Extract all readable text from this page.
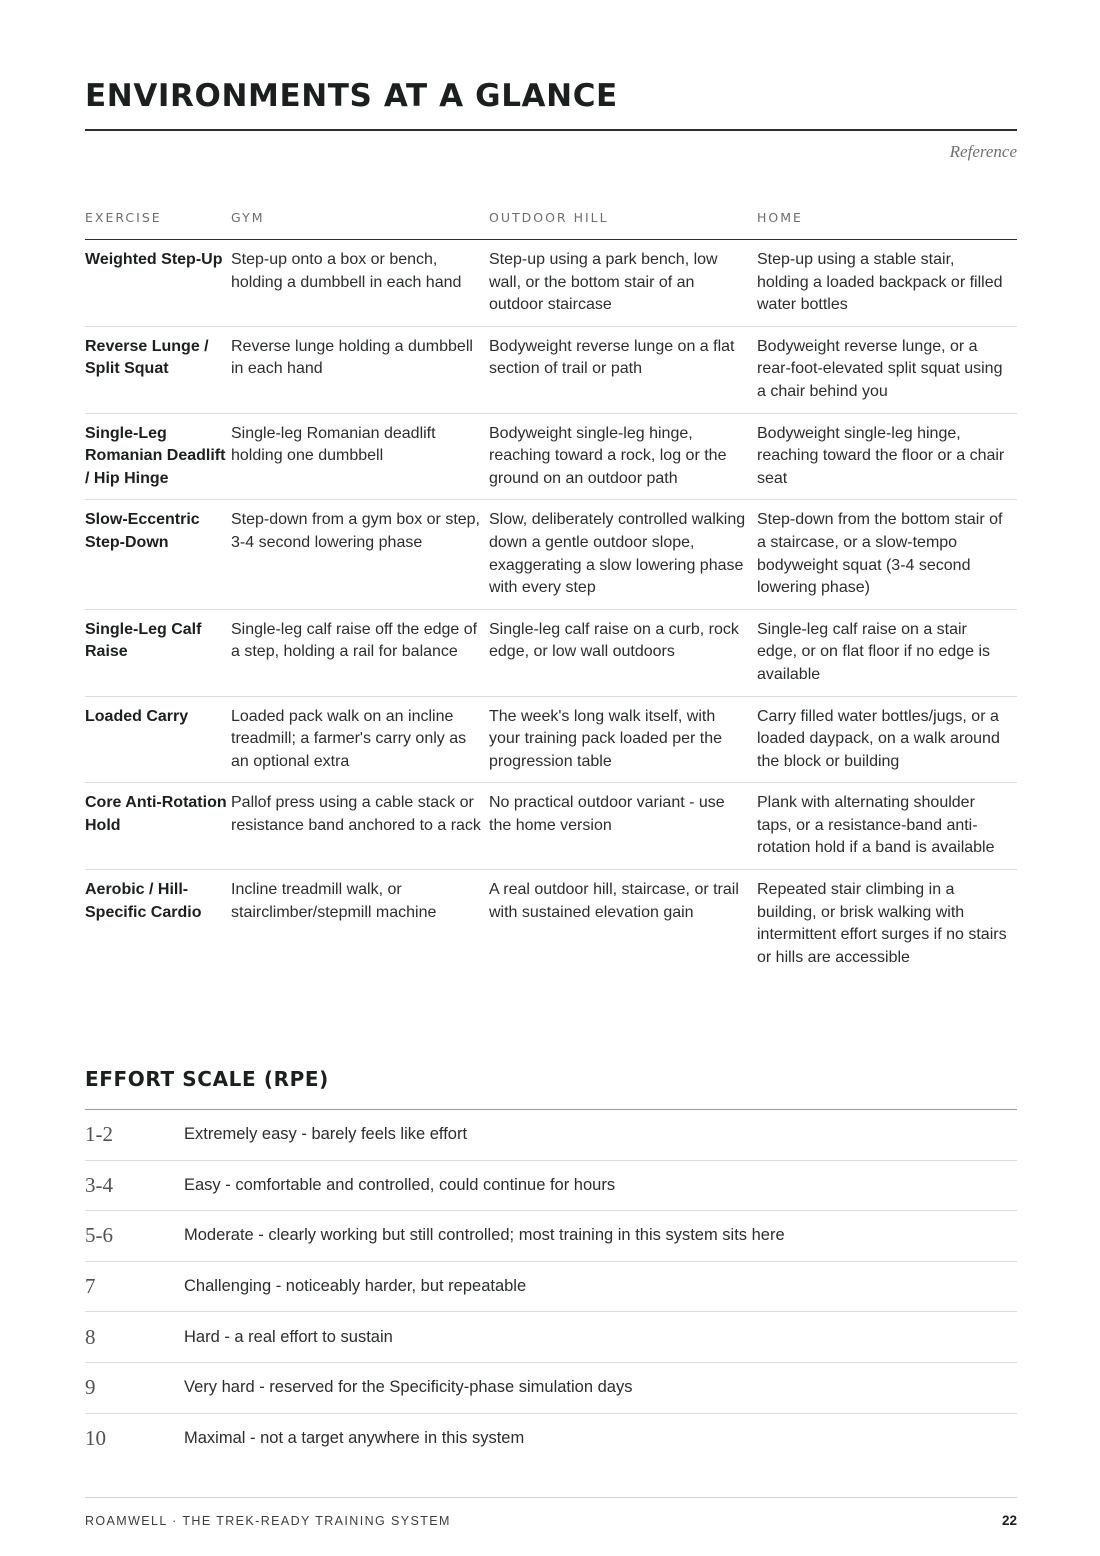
ENVIRONMENTS AT A GLANCE
Reference
EXERCISE	GYM	OUTDOOR HILL	HOME
Weighted Step-Up	Step-up onto a box or bench, holding a dumbbell in each hand	Step-up using a park bench, low wall, or the bottom stair of an outdoor staircase	Step-up using a stable stair, holding a loaded backpack or filled water bottles
Reverse Lunge / Split Squat	Reverse lunge holding a dumbbell in each hand	Bodyweight reverse lunge on a flat section of trail or path	Bodyweight reverse lunge, or a rear-foot-elevated split squat using a chair behind you
Single-Leg Romanian Deadlift / Hip Hinge	Single-leg Romanian deadlift holding one dumbbell	Bodyweight single-leg hinge, reaching toward a rock, log or the ground on an outdoor path	Bodyweight single-leg hinge, reaching toward the floor or a chair seat
Slow-Eccentric Step-Down	Step-down from a gym box or step, 3-4 second lowering phase	Slow, deliberately controlled walking down a gentle outdoor slope, exaggerating a slow lowering phase with every step	Step-down from the bottom stair of a staircase, or a slow-tempo bodyweight squat (3-4 second lowering phase)
Single-Leg Calf Raise	Single-leg calf raise off the edge of a step, holding a rail for balance	Single-leg calf raise on a curb, rock edge, or low wall outdoors	Single-leg calf raise on a stair edge, or on flat floor if no edge is available
Loaded Carry	Loaded pack walk on an incline treadmill; a farmer's carry only as an optional extra	The week's long walk itself, with your training pack loaded per the progression table	Carry filled water bottles/jugs, or a loaded daypack, on a walk around the block or building
Core Anti-Rotation Hold	Pallof press using a cable stack or resistance band anchored to a rack	No practical outdoor variant - use the home version	Plank with alternating shoulder taps, or a resistance-band anti-rotation hold if a band is available
Aerobic / Hill-Specific Cardio	Incline treadmill walk, or stairclimber/stepmill machine	A real outdoor hill, staircase, or trail with sustained elevation gain	Repeated stair climbing in a building, or brisk walking with intermittent effort surges if no stairs or hills are accessible
EFFORT SCALE (RPE)
1-2	Extremely easy - barely feels like effort
3-4	Easy - comfortable and controlled, could continue for hours
5-6	Moderate - clearly working but still controlled; most training in this system sits here
7	Challenging - noticeably harder, but repeatable
8	Hard - a real effort to sustain
9	Very hard - reserved for the Specificity-phase simulation days
10	Maximal - not a target anywhere in this system
ROAMWELL · THE TREK-READY TRAINING SYSTEM	22
